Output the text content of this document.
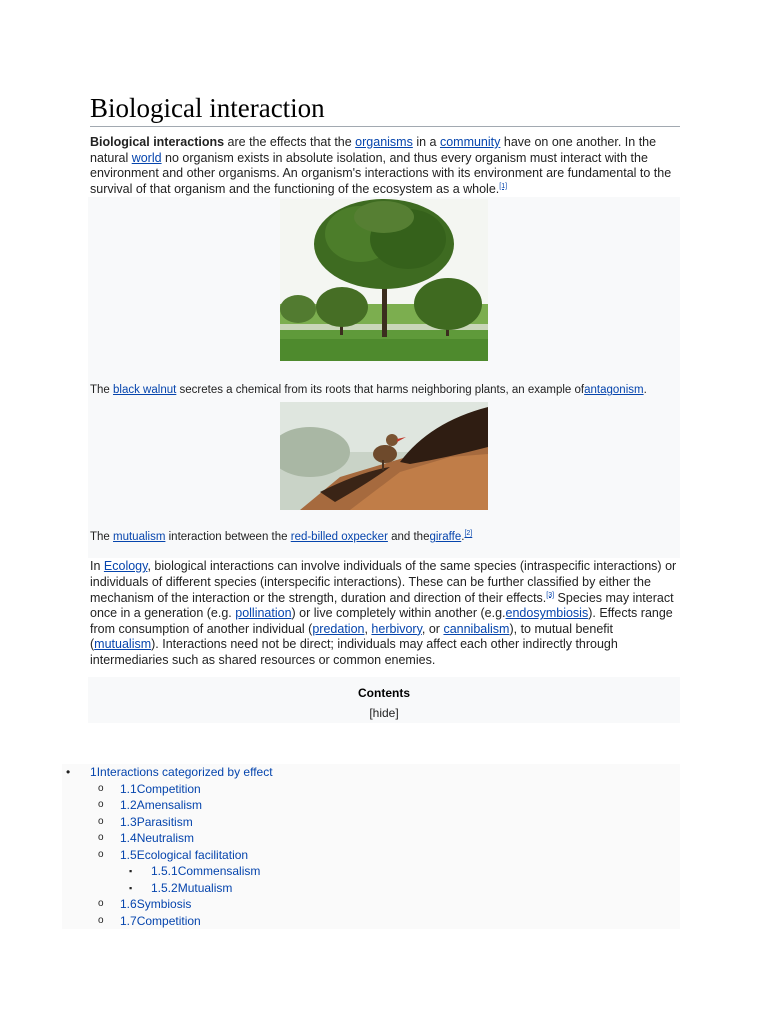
Biological interaction

Biological interactions are the effects that the organisms in a community have on one another. In the natural world no organism exists in absolute isolation, and thus every organism must interact with the environment and other organisms. An organism's interactions with its environment are fundamental to the survival of that organism and the functioning of the ecosystem as a whole.[1]

The black walnut secretes a chemical from its roots that harms neighboring plants, an example ofantagonism.
The mutualism interaction between the red-billed oxpecker and thegiraffe.[2]

In Ecology, biological interactions can involve individuals of the same species (intraspecific interactions) or individuals of different species (interspecific interactions). These can be further classified by either the mechanism of the interaction or the strength, duration and direction of their effects.[3] Species may interact once in a generation (e.g. pollination) or live completely within another (e.g.endosymbiosis). Effects range from consumption of another individual (predation, herbivory, or cannibalism), to mutual benefit (mutualism). Interactions need not be direct; individuals may affect each other indirectly through intermediaries such as shared resources or common enemies.

Contents
[hide]
• 1Interactions categorized by effect
o 1.1Competition
o 1.2Amensalism
o 1.3Parasitism
o 1.4Neutralism
o 1.5Ecological facilitation
▪ 1.5.1Commensalism
▪ 1.5.2Mutualism
o 1.6Symbiosis
o 1.7Competition
